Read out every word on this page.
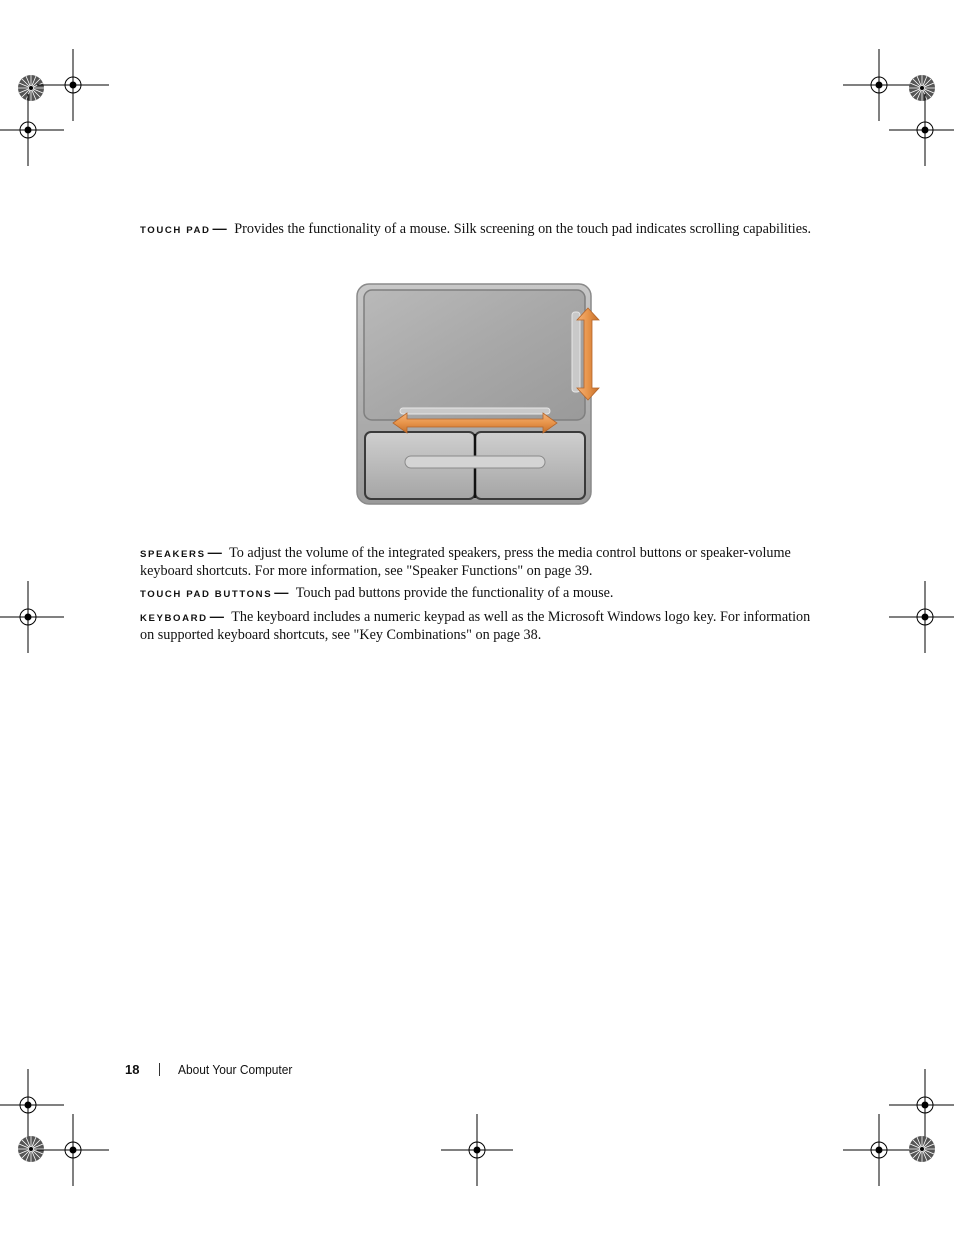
TOUCH PAD — Provides the functionality of a mouse. Silk screening on the touch pad indicates scrolling capabilities.

SPEAKERS — To adjust the volume of the integrated speakers, press the media control buttons or speaker-volume keyboard shortcuts. For more information, see "Speaker Functions" on page 39.

TOUCH PAD BUTTONS — Touch pad buttons provide the functionality of a mouse.

KEYBOARD — The keyboard includes a numeric keypad as well as the Microsoft Windows logo key. For information on supported keyboard shortcuts, see "Key Combinations" on page 38.

18	About Your Computer
